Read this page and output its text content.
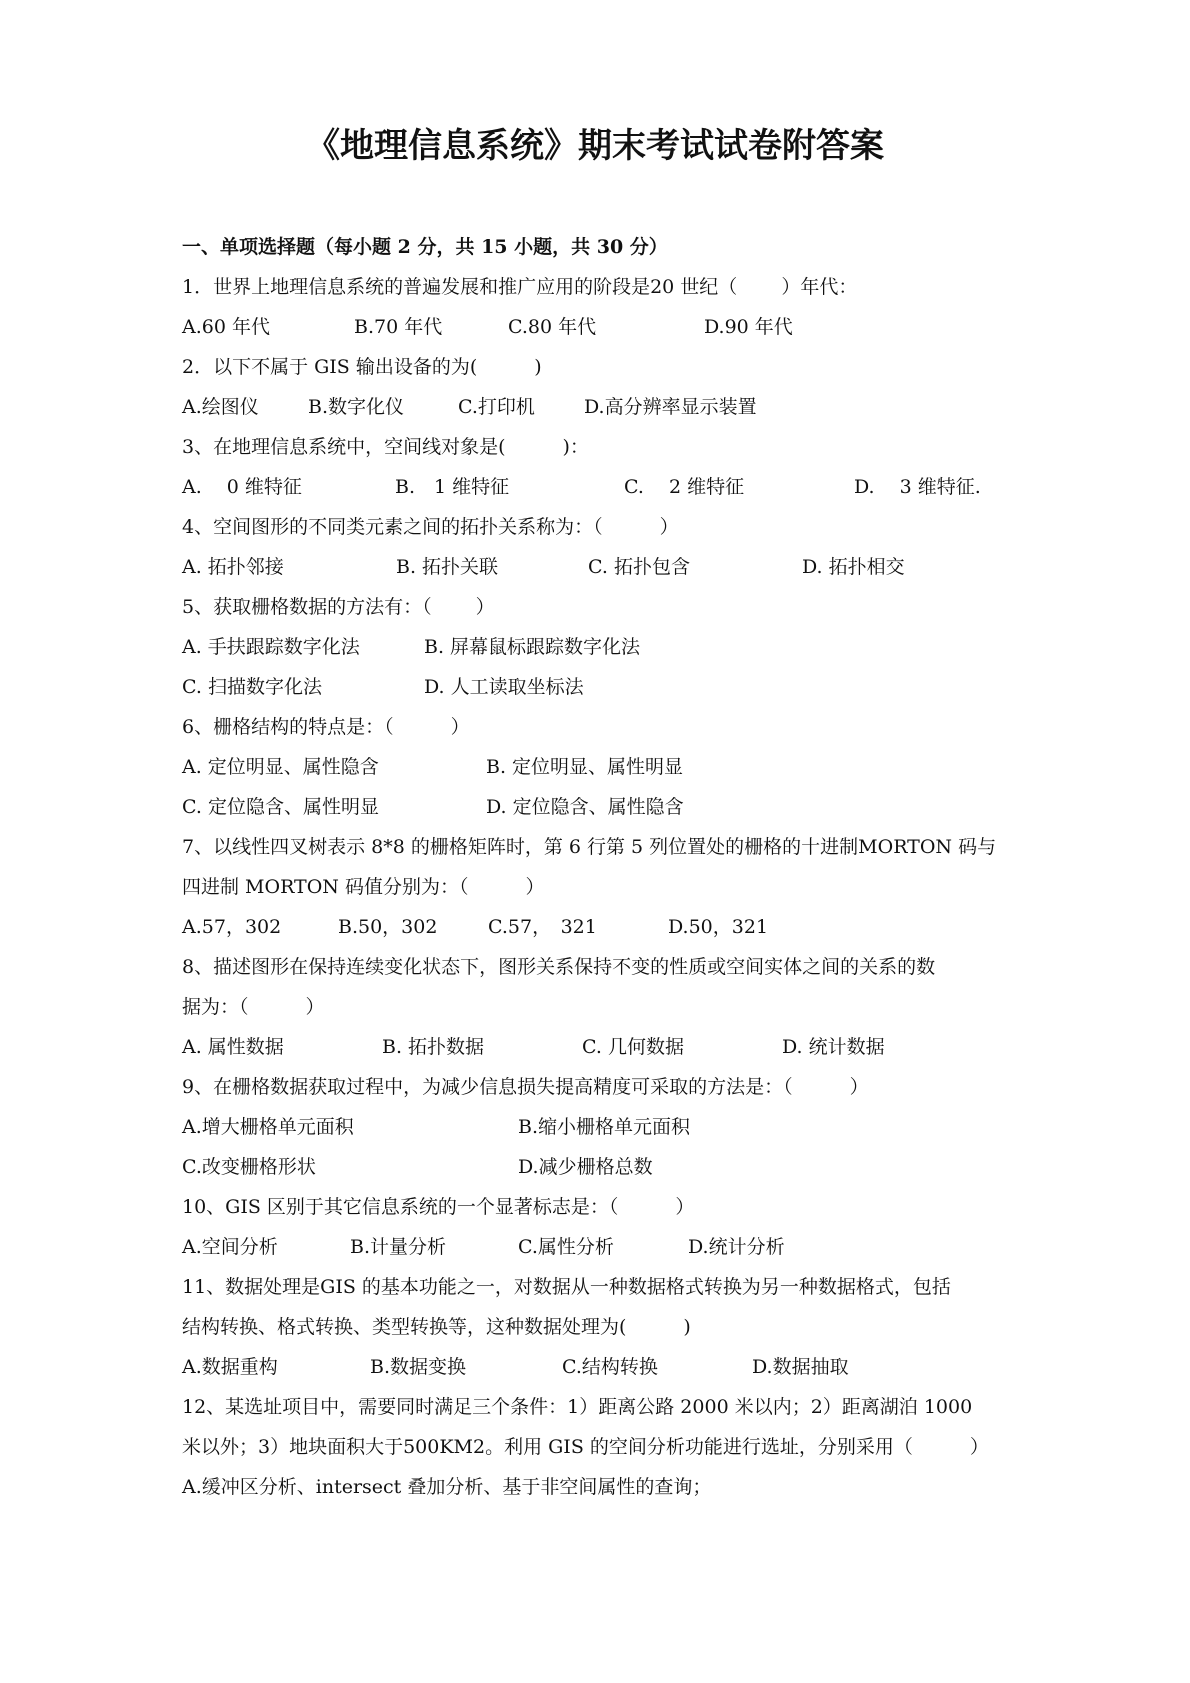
《地理信息系统》期末考试试卷附答案
一、单项选择题（每小题 2 分，共 15 小题，共 30 分）
1．世界上地理信息系统的普遍发展和推广应用的阶段是20 世纪（　　 ）年代：
A.60 年代	B.70 年代	C.80 年代	D.90 年代
2．以下不属于 GIS 输出设备的为(　　　)
A.绘图仪	B.数字化仪	C.打印机	D.高分辨率显示装置
3、在地理信息系统中，空间线对象是(　　　)：
A.　 0 维特征	B.　1 维特征	C.　 2 维特征	D.　 3 维特征.
4、空间图形的不同类元素之间的拓扑关系称为：（　　　）
A. 拓扑邻接	B. 拓扑关联	C. 拓扑包含	D. 拓扑相交
5、获取栅格数据的方法有：（　　 ）
A. 手扶跟踪数字化法	B. 屏幕鼠标跟踪数字化法
C. 扫描数字化法	D. 人工读取坐标法
6、栅格结构的特点是：（　　　）
A. 定位明显、属性隐含	B. 定位明显、属性明显
C. 定位隐含、属性明显	D. 定位隐含、属性隐含
7、以线性四叉树表示 8*8 的栅格矩阵时，第 6 行第 5 列位置处的栅格的十进制MORTON 码与
四进制 MORTON 码值分别为：（　　　）
A.57，302	B.50，302	C.57，　321	D.50，321
8、描述图形在保持连续变化状态下，图形关系保持不变的性质或空间实体之间的关系的数
据为：（　　　）
A. 属性数据	B. 拓扑数据	C. 几何数据	D. 统计数据
9、在栅格数据获取过程中，为减少信息损失提高精度可采取的方法是：（　　　）
A.增大栅格单元面积	B.缩小栅格单元面积
C.改变栅格形状	D.减少栅格总数
10、GIS 区别于其它信息系统的一个显著标志是：（　　　）
A.空间分析	B.计量分析	C.属性分析	D.统计分析
11、数据处理是GIS 的基本功能之一，对数据从一种数据格式转换为另一种数据格式，包括
结构转换、格式转换、类型转换等，这种数据处理为(　　　)
A.数据重构	B.数据变换	C.结构转换	D.数据抽取
12、某选址项目中，需要同时满足三个条件：1）距离公路 2000 米以内；2）距离湖泊 1000
米以外；3）地块面积大于500KM2。利用 GIS 的空间分析功能进行选址，分别采用（　　　）
A.缓冲区分析、intersect 叠加分析、基于非空间属性的查询；
